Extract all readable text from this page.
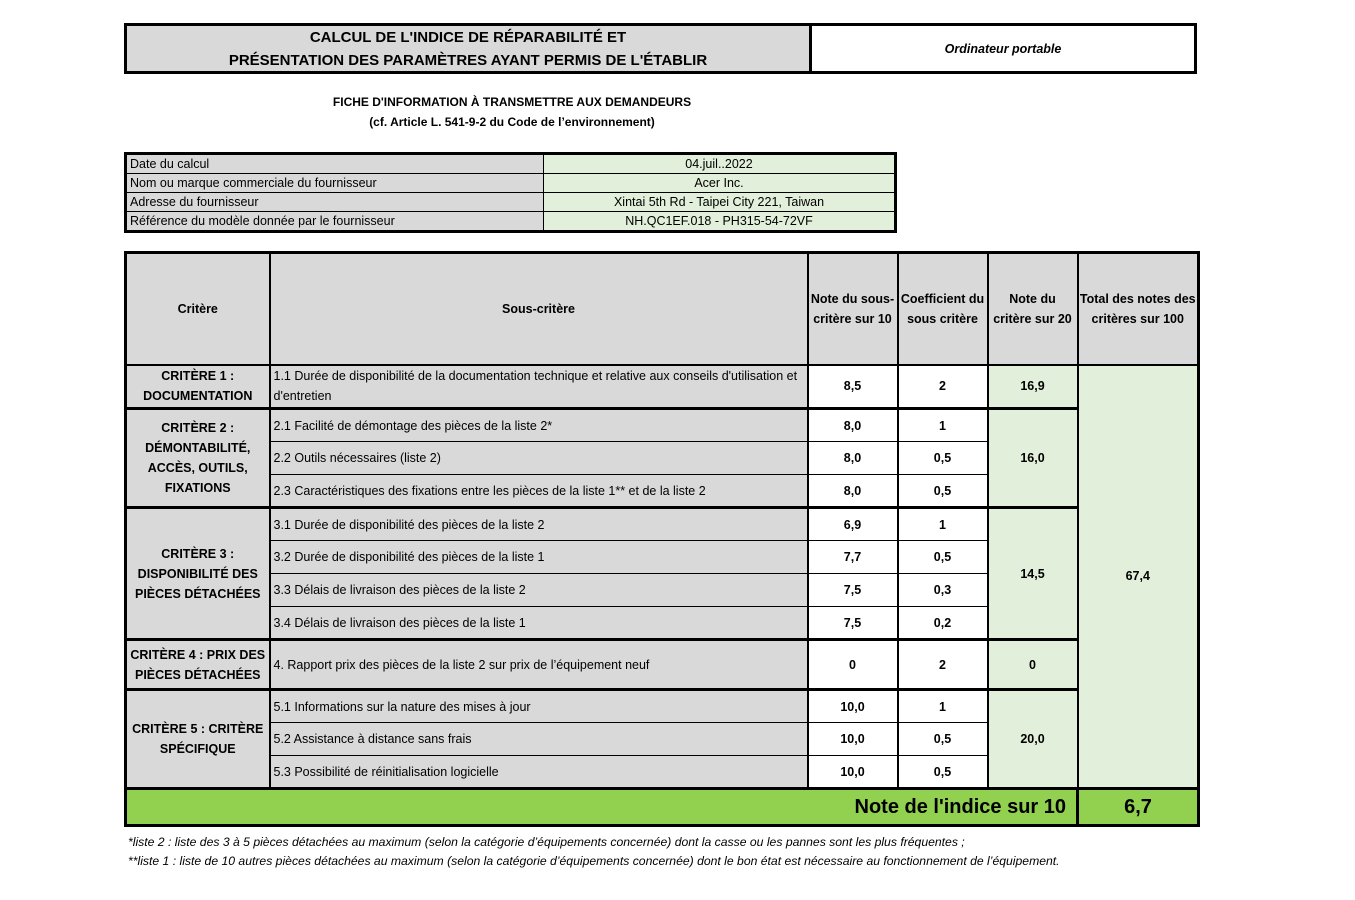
CALCUL DE L'INDICE DE RÉPARABILITÉ ET
PRÉSENTATION DES PARAMÈTRES AYANT PERMIS DE L'ÉTABLIR
Ordinateur portable
FICHE D'INFORMATION À TRANSMETTRE AUX DEMANDEURS
(cf. Article L. 541-9-2 du Code de l’environnement)
Date du calcul	04.juil..2022
Nom ou marque commerciale du fournisseur	Acer Inc.
Adresse du fournisseur	Xintai 5th Rd - Taipei City 221, Taiwan
Référence du modèle donnée par le fournisseur	NH.QC1EF.018 - PH315-54-72VF
Critère	Sous-critère	Note du sous-critère sur 10	Coefficient du sous critère	Note du critère sur 20	Total des notes des critères sur 100
CRITÈRE 1 : DOCUMENTATION	1.1 Durée de disponibilité de la documentation technique et relative aux conseils d'utilisation et d'entretien	8,5	2	16,9	67,4
CRITÈRE 2 : DÉMONTABILITÉ, ACCÈS, OUTILS, FIXATIONS	2.1 Facilité de démontage des pièces de la liste 2*	8,0	1	16,0	
	2.2 Outils nécessaires (liste 2)	8,0	0,5		
	2.3 Caractéristiques des fixations entre les pièces de la liste 1** et de la liste 2	8,0	0,5		
CRITÈRE 3 : DISPONIBILITÉ DES PIÈCES DÉTACHÉES	3.1 Durée de disponibilité des pièces de la liste 2	6,9	1	14,5	
	3.2 Durée de disponibilité des pièces de la liste 1	7,7	0,5		
	3.3 Délais de livraison des pièces de la liste 2	7,5	0,3		
	3.4 Délais de livraison des pièces de la liste 1	7,5	0,2		
CRITÈRE 4 : PRIX DES PIÈCES DÉTACHÉES	4. Rapport prix des pièces de la liste 2 sur prix de l’équipement neuf	0	2	0	
CRITÈRE 5 : CRITÈRE SPÉCIFIQUE	5.1 Informations sur la nature des mises à jour	10,0	1	20,0	
	5.2 Assistance à distance sans frais	10,0	0,5		
	5.3 Possibilité de réinitialisation logicielle	10,0	0,5		
Note de l'indice sur 10					6,7
*liste 2 : liste des 3 à 5 pièces détachées au maximum (selon la catégorie d’équipements concernée) dont la casse ou les pannes sont les plus fréquentes ;
**liste 1 : liste de 10 autres pièces détachées au maximum (selon la catégorie d’équipements concernée) dont le bon état est nécessaire au fonctionnement de l’équipement.
